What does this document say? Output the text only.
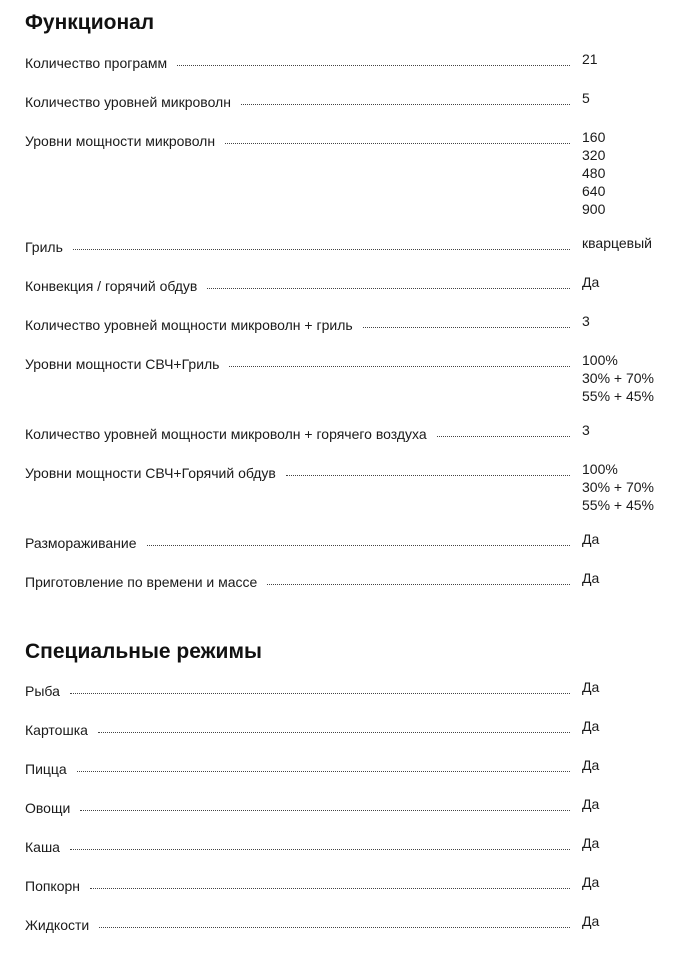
Функционал
Количество программ	21
Количество уровней микроволн	5
Уровни мощности микроволн	160
320
480
640
900
Гриль	кварцевый
Конвекция / горячий обдув	Да
Количество уровней мощности микроволн + гриль	3
Уровни мощности СВЧ+Гриль	100%
30% + 70%
55% + 45%
Количество уровней мощности микроволн + горячего воздуха	3
Уровни мощности СВЧ+Горячий обдув	100%
30% + 70%
55% + 45%
Размораживание	Да
Приготовление по времени и массе	Да
Специальные режимы
Рыба	Да
Картошка	Да
Пицца	Да
Овощи	Да
Каша	Да
Попкорн	Да
Жидкости	Да
